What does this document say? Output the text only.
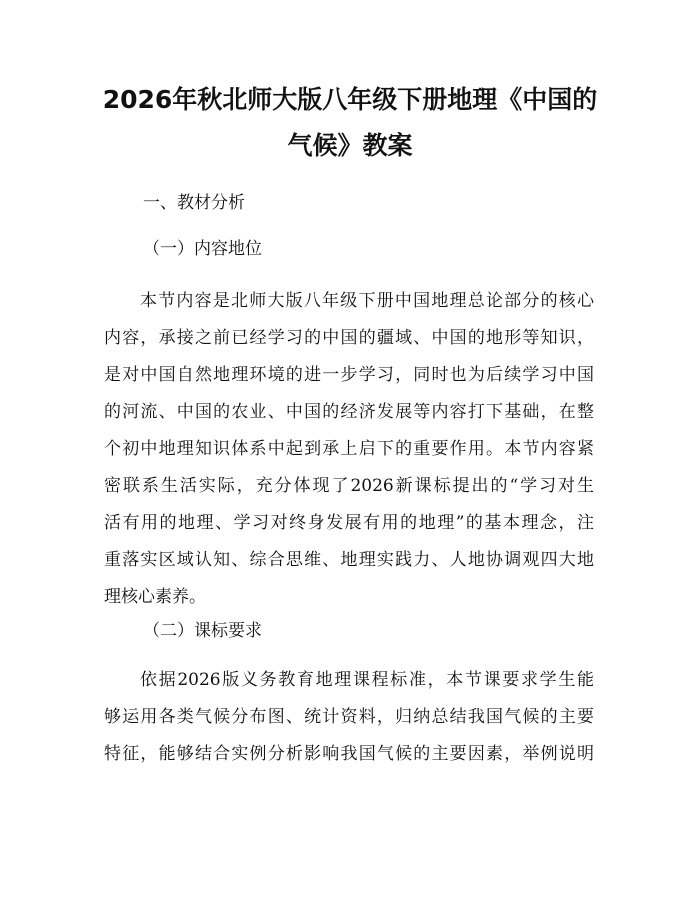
2026年秋北师大版八年级下册地理《中国的
气候》教案
一、教材分析
（一）内容地位
本节内容是北师大版八年级下册中国地理总论部分的核心
内容，承接之前已经学习的中国的疆域、中国的地形等知识，
是对中国自然地理环境的进一步学习，同时也为后续学习中国
的河流、中国的农业、中国的经济发展等内容打下基础，在整
个初中地理知识体系中起到承上启下的重要作用。本节内容紧
密联系生活实际，充分体现了2026新课标提出的“学习对生
活有用的地理、学习对终身发展有用的地理”的基本理念，注
重落实区域认知、综合思维、地理实践力、人地协调观四大地
理核心素养。
（二）课标要求
依据2026版义务教育地理课程标准，本节课要求学生能
够运用各类气候分布图、统计资料，归纳总结我国气候的主要
特征，能够结合实例分析影响我国气候的主要因素，举例说明
